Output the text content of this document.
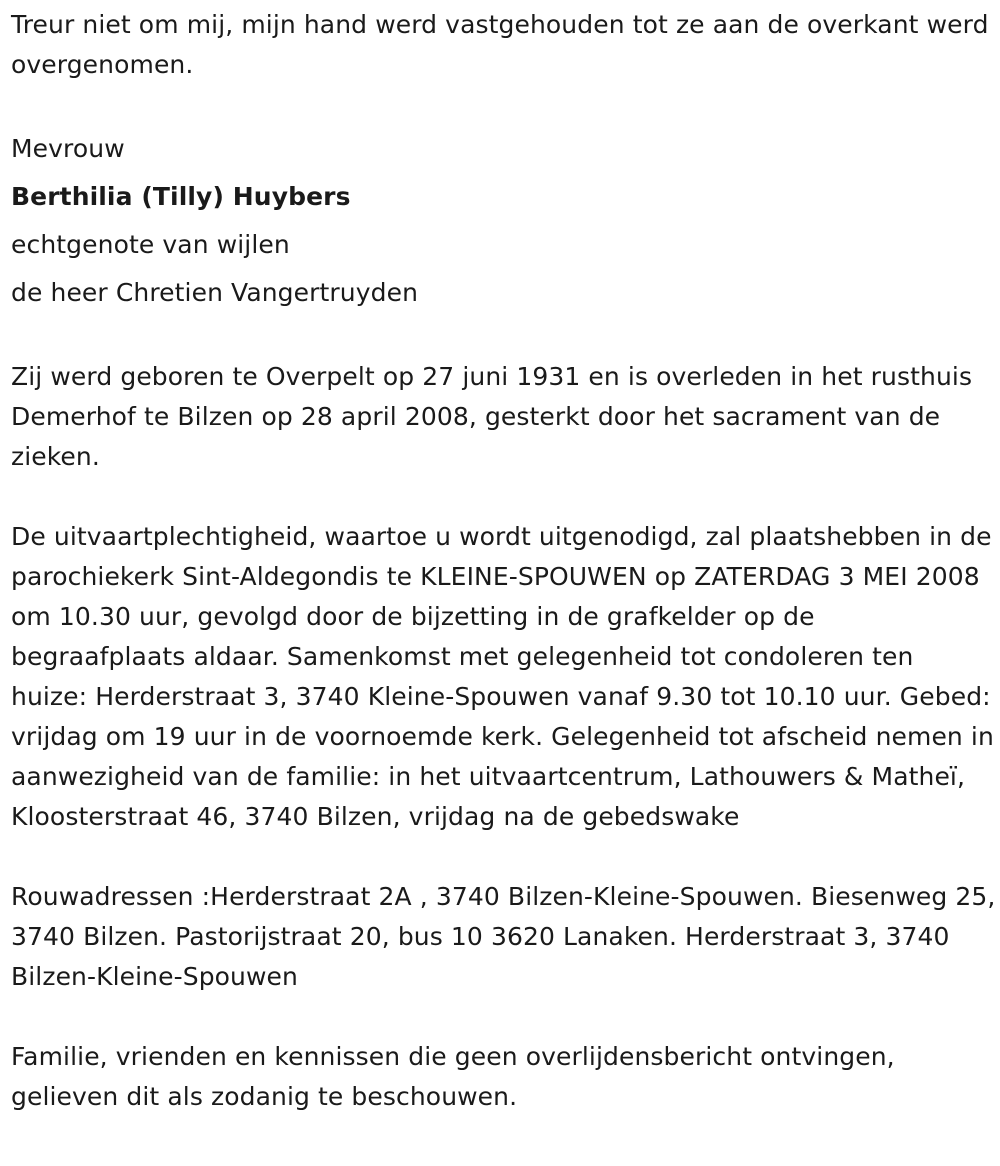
Treur niet om mij, mijn hand werd vastgehouden tot ze aan de overkant werd overgenomen.

Mevrouw

Berthilia (Tilly) Huybers

echtgenote van wijlen

de heer Chretien Vangertruyden

Zij werd geboren te Overpelt op 27 juni 1931 en is overleden in het rusthuis Demerhof te Bilzen op 28 april 2008, gesterkt door het sacrament van de zieken.

De uitvaartplechtigheid, waartoe u wordt uitgenodigd, zal plaatshebben in de parochiekerk Sint-Aldegondis te KLEINE-SPOUWEN op ZATERDAG 3 MEI 2008 om 10.30 uur, gevolgd door de bijzetting in de grafkelder op de begraafplaats aldaar. Samenkomst met gelegenheid tot condoleren ten huize: Herderstraat 3, 3740 Kleine-Spouwen vanaf 9.30 tot 10.10 uur. Gebed: vrijdag om 19 uur in de voornoemde kerk. Gelegenheid tot afscheid nemen in aanwezigheid van de familie: in het uitvaartcentrum, Lathouwers & Matheï, Kloosterstraat 46, 3740 Bilzen, vrijdag na de gebedswake

Rouwadressen :Herderstraat 2A , 3740 Bilzen-Kleine-Spouwen. Biesenweg 25, 3740 Bilzen. Pastorijstraat 20, bus 10 3620 Lanaken. Herderstraat 3, 3740 Bilzen-Kleine-Spouwen

Familie, vrienden en kennissen die geen overlijdensbericht ontvingen, gelieven dit als zodanig te beschouwen.
